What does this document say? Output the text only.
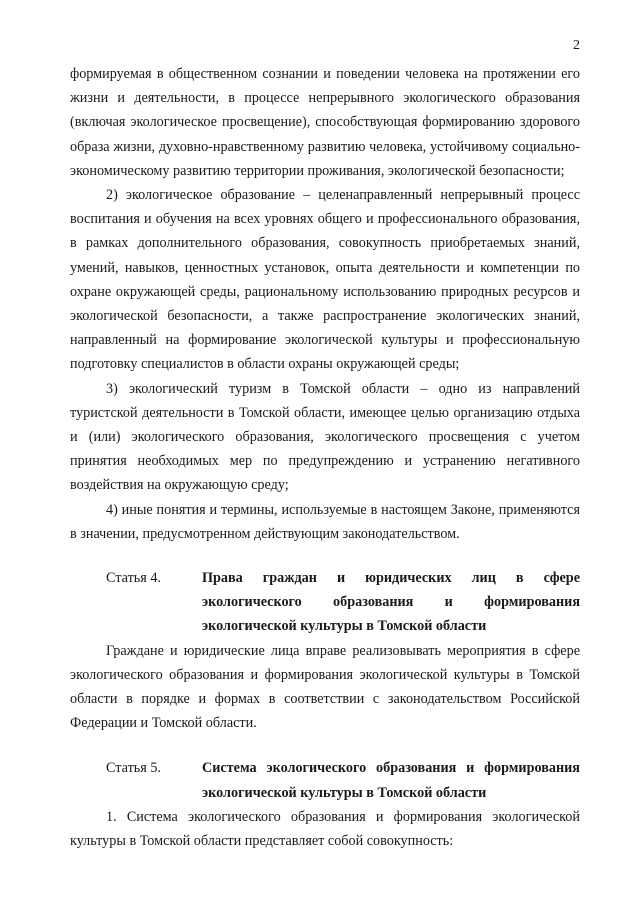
2

формируемая в общественном сознании и поведении человека на протяжении его жизни и деятельности, в процессе непрерывного экологического образования (включая экологическое просвещение), способствующая формированию здорового образа жизни, духовно-нравственному развитию человека, устойчивому социально-экономическому развитию территории проживания, экологической безопасности;

2) экологическое образование – целенаправленный непрерывный процесс воспитания и обучения на всех уровнях общего и профессионального образования, в рамках дополнительного образования, совокупность приобретаемых знаний, умений, навыков, ценностных установок, опыта деятельности и компетенции по охране окружающей среды, рациональному использованию природных ресурсов и экологической безопасности, а также распространение экологических знаний, направленный на формирование экологической культуры и профессиональную подготовку специалистов в области охраны окружающей среды;

3) экологический туризм в Томской области – одно из направлений туристской деятельности в Томской области, имеющее целью организацию отдыха и (или) экологического образования, экологического просвещения с учетом принятия необходимых мер по предупреждению и устранению негативного воздействия на окружающую среду;

4) иные понятия и термины, используемые в настоящем Законе, применяются в значении, предусмотренном действующим законодательством.

Статья 4.	Права граждан и юридических лиц в сфере экологического образования и формирования экологической культуры в Томской области

Граждане и юридические лица вправе реализовывать мероприятия в сфере экологического образования и формирования экологической культуры в Томской области в порядке и формах в соответствии с законодательством Российской Федерации и Томской области.

Статья 5.	Система экологического образования и формирования экологической культуры в Томской области

1. Система экологического образования и формирования экологической культуры в Томской области представляет собой совокупность:
